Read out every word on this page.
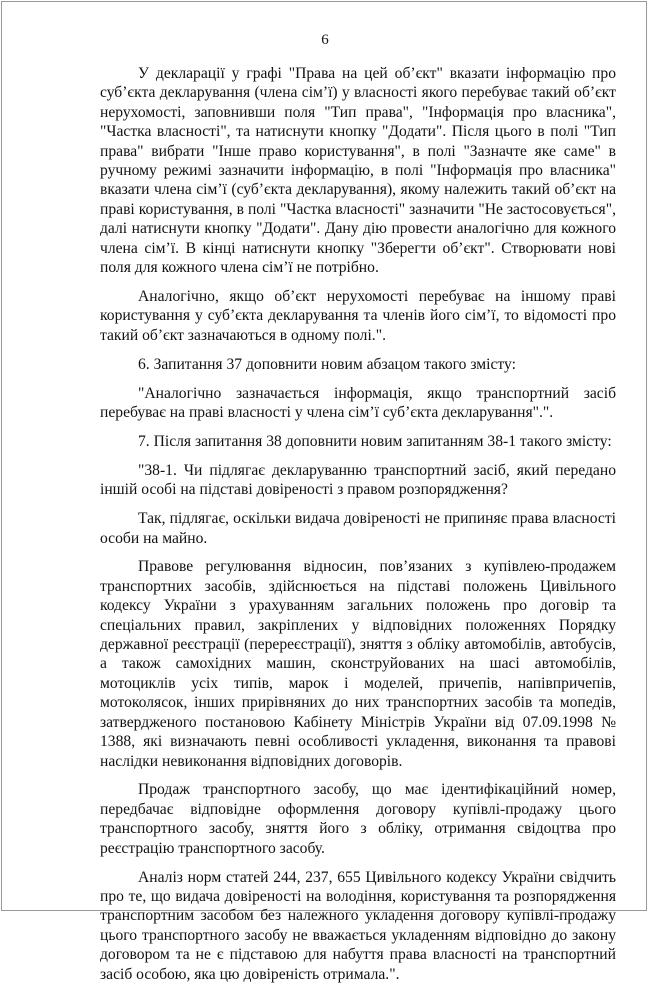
6

У декларації у графі "Права на цей об’єкт" вказати інформацію про суб’єкта декларування (члена сім’ї) у власності якого перебуває такий об’єкт нерухомості, заповнивши поля "Тип права", "Інформація про власника", "Частка власності", та натиснути кнопку "Додати". Після цього в полі "Тип права" вибрати "Інше право користування", в полі "Зазначте яке саме" в ручному режимі зазначити інформацію, в полі "Інформація про власника" вказати члена сім’ї (суб’єкта декларування), якому належить такий об’єкт на праві користування, в полі "Частка власності" зазначити "Не застосовується", далі натиснути кнопку "Додати". Дану дію провести аналогічно для кожного члена сім’ї. В кінці натиснути кнопку "Зберегти об’єкт". Створювати нові поля для кожного члена сім’ї не потрібно.

Аналогічно, якщо об’єкт нерухомості перебуває на іншому праві користування у суб’єкта декларування та членів його сім’ї, то відомості про такий об’єкт зазначаються в одному полі.".

6. Запитання 37 доповнити новим абзацом такого змісту:

"Аналогічно зазначається інформація, якщо транспортний засіб перебуває на праві власності у члена сім’ї суб’єкта декларування".".

7. Після запитання 38 доповнити новим запитанням 38-1 такого змісту:

"38-1. Чи підлягає декларуванню транспортний засіб, який передано іншій особі на підставі довіреності з правом розпорядження?

Так, підлягає, оскільки видача довіреності не припиняє права власності особи на майно.

Правове регулювання відносин, пов’язаних з купівлею-продажем транспортних засобів, здійснюється на підставі положень Цивільного кодексу України з урахуванням загальних положень про договір та спеціальних правил, закріплених у відповідних положеннях Порядку державної реєстрації (перереєстрації), зняття з обліку автомобілів, автобусів, а також самохідних машин, сконструйованих на шасі автомобілів, мотоциклів усіх типів, марок і моделей, причепів, напівпричепів, мотоколясок, інших прирівняних до них транспортних засобів та мопедів, затвердженого постановою Кабінету Міністрів України від 07.09.1998 № 1388, які визначають певні особливості укладення, виконання та правові наслідки невиконання відповідних договорів.

Продаж транспортного засобу, що має ідентифікаційний номер, передбачає відповідне оформлення договору купівлі-продажу цього транспортного засобу, зняття його з обліку, отримання свідоцтва про реєстрацію транспортного засобу.

Аналіз норм статей 244, 237, 655 Цивільного кодексу України свідчить про те, що видача довіреності на володіння, користування та розпорядження транспортним засобом без належного укладення договору купівлі-продажу цього транспортного засобу не вважається укладенням відповідно до закону договором та не є підставою для набуття права власності на транспортний засіб особою, яка цю довіреність отримала.".
